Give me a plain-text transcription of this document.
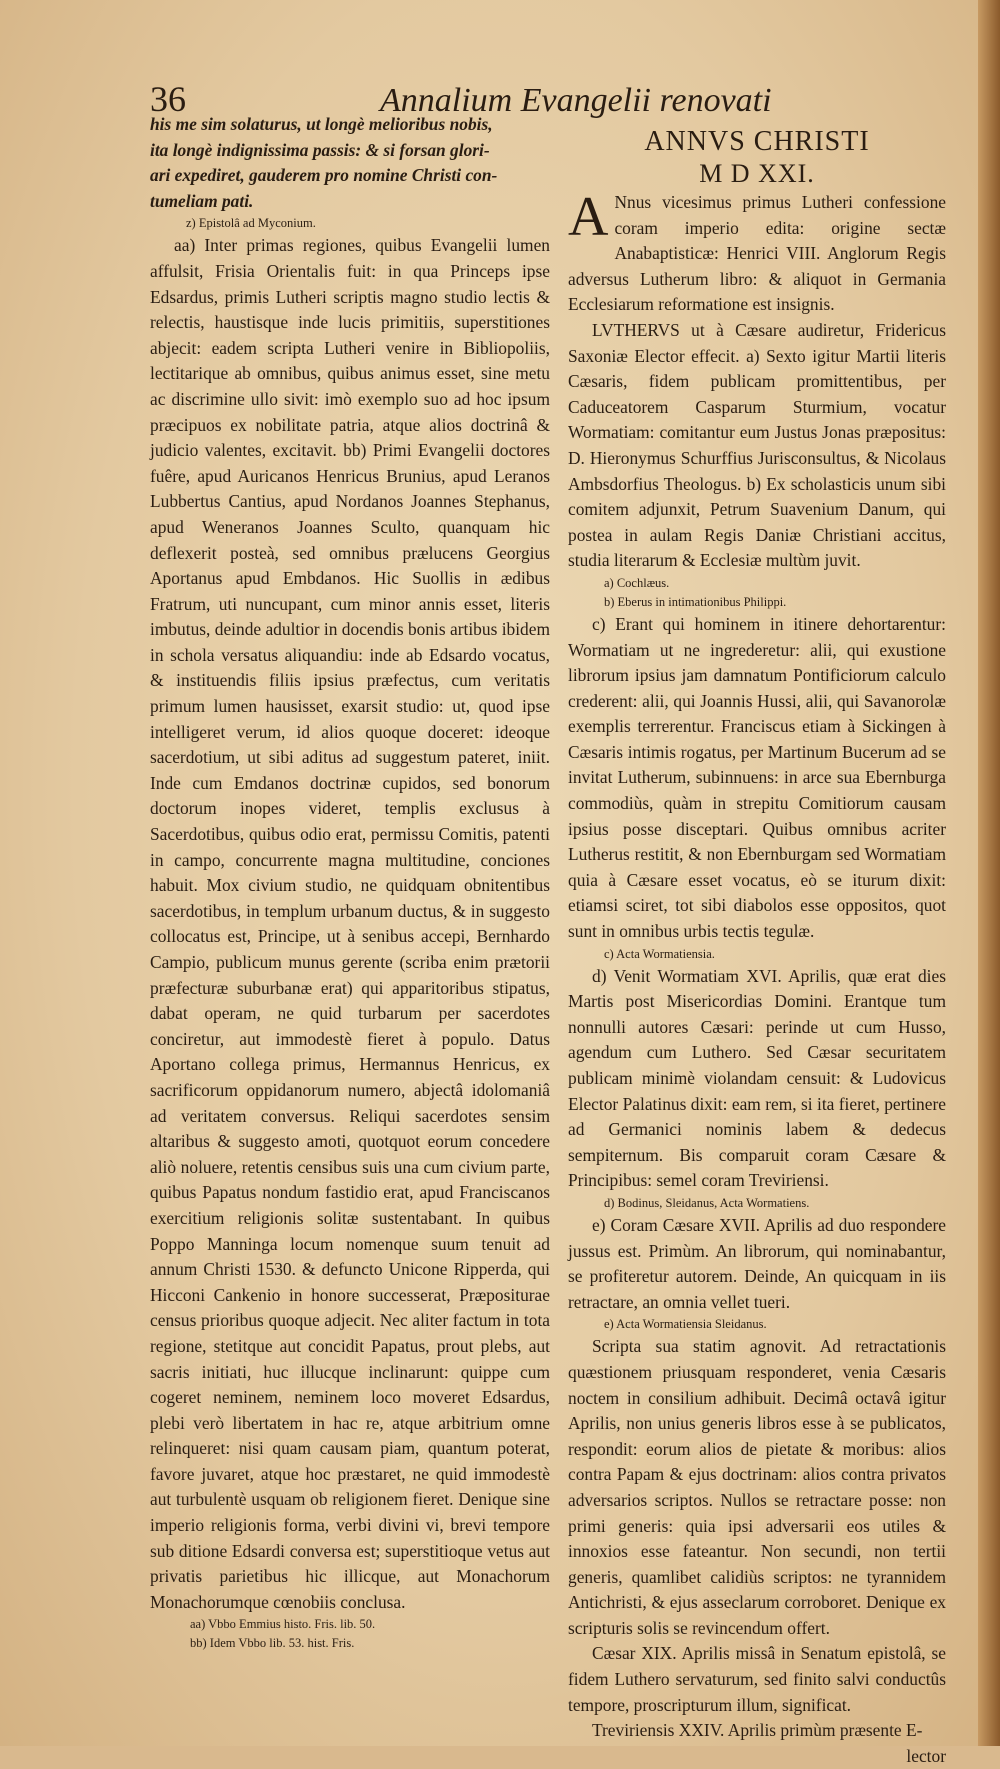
36	Annalium Evangelii renovati

his me sim solaturus, ut longè melioribus nobis,

ita longè indignissima passis: & si forsan glori-

ari expediret, gauderem pro nomine Christi con-

tumeliam pati.

z) Epistolâ ad Myconium.

aa) Inter primas regiones, quibus Evangelii lumen affulsit, Frisia Orientalis fuit: in qua Princeps ipse Edsardus, primis Lutheri scriptis magno studio lectis & relectis, haustisque inde lucis primitiis, superstitiones abjecit: eadem scripta Lutheri venire in Bibliopoliis, lectitarique ab omnibus, quibus animus esset, sine metu ac discrimine ullo sivit: imò exemplo suo ad hoc ipsum præcipuos ex nobilitate patria, atque alios doctrinâ & judicio valentes, excitavit. bb) Primi Evangelii doctores fuêre, apud Auricanos Henricus Brunius, apud Leranos Lubbertus Cantius, apud Nordanos Joannes Stephanus, apud Weneranos Joannes Sculto, quanquam hic deflexerit posteà, sed omnibus prælucens Georgius Aportanus apud Embdanos. Hic Suollis in ædibus Fratrum, uti nuncupant, cum minor annis esset, literis imbutus, deinde adultior in docendis bonis artibus ibidem in schola versatus aliquandiu: inde ab Edsardo vocatus, & instituendis filiis ipsius præfectus, cum veritatis primum lumen hausisset, exarsit studio: ut, quod ipse intelligeret verum, id alios quoque doceret: ideoque sacerdotium, ut sibi aditus ad suggestum pateret, iniit. Inde cum Emdanos doctrinæ cupidos, sed bonorum doctorum inopes videret, templis exclusus à Sacerdotibus, quibus odio erat, permissu Comitis, patenti in campo, concurrente magna multitudine, conciones habuit. Mox civium studio, ne quidquam obnitentibus sacerdotibus, in templum urbanum ductus, & in suggesto collocatus est, Principe, ut à senibus accepi, Bernhardo Campio, publicum munus gerente (scriba enim prætorii præfecturæ suburbanæ erat) qui apparitoribus stipatus, dabat operam, ne quid turbarum per sacerdotes conciretur, aut immodestè fieret à populo. Datus Aportano collega primus, Hermannus Henricus, ex sacrificorum oppidanorum numero, abjectâ idolomaniâ ad veritatem conversus. Reliqui sacerdotes sensim altaribus & suggesto amoti, quotquot eorum concedere aliò noluere, retentis censibus suis una cum civium parte, quibus Papatus nondum fastidio erat, apud Franciscanos exercitium religionis solitæ sustentabant. In quibus Poppo Manninga locum nomenque suum tenuit ad annum Christi 1530. & defuncto Unicone Ripperda, qui Hicconi Cankenio in honore successerat, Præpositurae census prioribus quoque adjecit. Nec aliter factum in tota regione, stetitque aut concidit Papatus, prout plebs, aut sacris initiati, huc illucque inclinarunt: quippe cum cogeret neminem, neminem loco moveret Edsardus, plebi verò libertatem in hac re, atque arbitrium omne relinqueret: nisi quam causam piam, quantum poterat, favore juvaret, atque hoc præstaret, ne quid immodestè aut turbulentè usquam ob religionem fieret. Denique sine imperio religionis forma, verbi divini vi, brevi tempore sub ditione Edsardi conversa est; superstitioque vetus aut privatis parietibus hic illicque, aut Monachorum Monachorumque cœnobiis conclusa.

aa) Vbbo Emmius histo. Fris. lib. 50.

bb) Idem Vbbo lib. 53. hist. Fris.

ANNVS CHRISTI
M D XXI.

A Nnus vicesimus primus Lutheri confessione coram imperio edita: origine sectæ Anabaptisticæ: Henrici VIII. Anglorum Regis adversus Lutherum libro: & aliquot in Germania Ecclesiarum reformatione est insignis.

LVTHERVS ut à Cæsare audiretur, Fridericus Saxoniæ Elector effecit. a) Sexto igitur Martii literis Cæsaris, fidem publicam promittentibus, per Caduceatorem Casparum Sturmium, vocatur Wormatiam: comitantur eum Justus Jonas præpositus: D. Hieronymus Schurffius Jurisconsultus, & Nicolaus Ambsdorfius Theologus. b) Ex scholasticis unum sibi comitem adjunxit, Petrum Suavenium Danum, qui postea in aulam Regis Daniæ Christiani accitus, studia literarum & Ecclesiæ multùm juvit.

a) Cochlæus.

b) Eberus in intimationibus Philippi.

c) Erant qui hominem in itinere dehortarentur: Wormatiam ut ne ingrederetur: alii, qui exustione librorum ipsius jam damnatum Pontificiorum calculo crederent: alii, qui Joannis Hussi, alii, qui Savanorolæ exemplis terrerentur. Franciscus etiam à Sickingen à Cæsaris intimis rogatus, per Martinum Bucerum ad se invitat Lutherum, subinnuens: in arce sua Ebernburga commodiùs, quàm in strepitu Comitiorum causam ipsius posse disceptari. Quibus omnibus acriter Lutherus restitit, & non Ebernburgam sed Wormatiam quia à Cæsare esset vocatus, eò se iturum dixit: etiamsi sciret, tot sibi diabolos esse oppositos, quot sunt in omnibus urbis tectis tegulæ.

c) Acta Wormatiensia.

d) Venit Wormatiam XVI. Aprilis, quæ erat dies Martis post Misericordias Domini. Erantque tum nonnulli autores Cæsari: perinde ut cum Husso, agendum cum Luthero. Sed Cæsar securitatem publicam minimè violandam censuit: & Ludovicus Elector Palatinus dixit: eam rem, si ita fieret, pertinere ad Germanici nominis labem & dedecus sempiternum. Bis comparuit coram Cæsare & Principibus: semel coram Treviriensi.

d) Bodinus, Sleidanus, Acta Wormatiens.

e) Coram Cæsare XVII. Aprilis ad duo respondere jussus est. Primùm. An librorum, qui nominabantur, se profiteretur autorem. Deinde, An quicquam in iis retractare, an omnia vellet tueri.

e) Acta Wormatiensia Sleidanus.

Scripta sua statim agnovit. Ad retractationis quæstionem priusquam responderet, venia Cæsaris noctem in consilium adhibuit. Decimâ octavâ igitur Aprilis, non unius generis libros esse à se publicatos, respondit: eorum alios de pietate & moribus: alios contra Papam & ejus doctrinam: alios contra privatos adversarios scriptos. Nullos se retractare posse: non primi generis: quia ipsi adversarii eos utiles & innoxios esse fateantur. Non secundi, non tertii generis, quamlibet calidiùs scriptos: ne tyrannidem Antichristi, & ejus asseclarum corroboret. Denique ex scripturis solis se revincendum offert.

Cæsar XIX. Aprilis missâ in Senatum epistolâ, se fidem Luthero servaturum, sed finito salvi conductûs tempore, proscripturum illum, significat.

Treviriensis XXIV. Aprilis primùm præsente E-

lector
